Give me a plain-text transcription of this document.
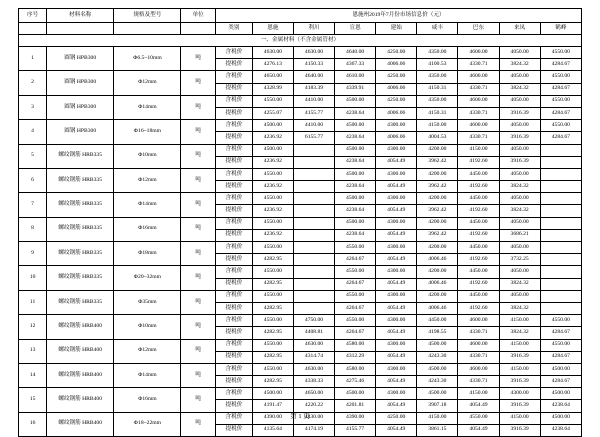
序号	材料名称	规格及型号	单位	恩施州2019年7月份市场信息价（元）								
				类别	恩施	利川	宣恩	建始	咸丰	巴东	来凤	鹤峰
一、金属材料（不含金属管材）												
1	圆钢 HPB300	Ф6.5~10mm	吨	含税价	4630.00	4630.00	4640.00	4250.00	4350.00	4600.00	4050.00	4550.00
				提税价	4276.13	4150.33	4367.33	4006.06	4100.53	4330.71	3824.32	4284.67
2	圆钢 HPB300	Ф12mm	吨	含税价	4650.00	4640.00	4610.00	4250.00	4350.00	4600.00	4050.00	4550.00
				提税价	4328.99	4183.39	4339.91	4006.06	4150.31	4330.71	3824.32	4284.67
3	圆钢 HPB300	Ф14mm	吨	含税价	4550.00	4410.00	4500.00	4250.00	4350.00	4600.00	4050.00	4550.00
				提税价	4255.07	4155.77	4238.64	4006.06	4150.31	4330.71	3916.39	4284.67
4	圆钢 HPB300	Ф16~18mm	吨	含税价	4500.00	4410.00	4500.00	4300.00	4150.00	4600.00	4050.00	4550.00
				提税价	4236.92	6155.77	4238.64	4006.06	4004.53	4330.71	3916.39	4284.67
5	螺纹钢筋 HRB335	Ф10mm	吨	含税价	4500.00		4500.00	4300.00	4200.00	4150.00	4050.00	
				提税价	4236.92		4238.64	4054.49	3962.42	4192.60	3916.39	
6	螺纹钢筋 HRB335	Ф12mm	吨	含税价	4550.00		4500.00	4300.00	4200.00	4450.00	4050.00	
				提税价	4236.92		4238.64	4054.49	3962.42	4192.60	3824.32	
7	螺纹钢筋 HRB335	Ф14mm	吨	含税价	4550.00		4500.00	4300.00	4200.00	4450.00	4050.00	
				提税价	4236.92		4238.64	4054.49	3962.42	4192.60	3824.32	
8	螺纹钢筋 HRB335	Ф16mm	吨	含税价	4550.00		4500.00	4300.00	4200.00	4450.00	4050.00	
				提税价	4236.92		4238.64	4054.49	3962.42	4192.60	3686.21	
9	螺纹钢筋 HRB335	Ф18mm	吨	含税价	4550.00		4550.00	4300.00	4200.00	4450.00	4050.00	
				提税价	4282.95		4264.67	4054.49	4006.46	4192.60	3732.25	
10	螺纹钢筋 HRB335	Ф20~32mm	吨	含税价	4550.00		4550.00	4300.00	4200.00	4450.00	4050.00	
				提税价	4282.95		4264.67	4054.49	4006.46	4192.60	3824.32	
11	螺纹钢筋 HRB335	Ф35mm	吨	含税价	4550.00		4550.00	4300.00	4200.00	4450.00	4050.00	
				提税价	4282.95		4264.67	4054.49	4006.46	4192.60	3824.32	
12	螺纹钢筋 HRB400	Ф10mm	吨	含税价	4550.00	4750.00	4550.00	4300.00	4450.00	4600.00	4150.00	4550.00
				提税价	4282.95	4408.81	4264.67	4054.49	4198.55	4330.71	3824.32	4284.67
13	螺纹钢筋 HRB400	Ф12mm	吨	含税价	4550.00	4630.00	4580.00	4300.00	4500.00	4600.00	4150.00	4550.00
				提税价	4282.95	4314.74	4312.29	4054.49	4243.30	4330.71	3916.39	4284.67
14	螺纹钢筋 HRB400	Ф14mm	吨	含税价	4550.00	4630.00	4580.00	4300.00	4500.00	4600.00	4150.00	4500.00
				提税价	4282.95	4338.33	4275.46	4054.49	4243.30	4330.71	3916.39	4284.67
15	螺纹钢筋 HRB400	Ф16mm	吨	含税价	4500.00	4650.00	4500.00	4300.00	4500.00	4150.00	4300.00	4500.00
				提税价	4191.47	4220.22	4201.81	4054.49	3907.18	4054.49	3916.39	4238.64
16	螺纹钢筋 HRB400	Ф18~22mm	吨	含税价	4390.00	4430.00	4390.00	4250.00	4150.00	4550.00	4150.00	4500.00
				提税价	4135.64	4174.19	4155.77	4054.49	3861.15	4054.49	3916.39	4238.64
第 1 页
